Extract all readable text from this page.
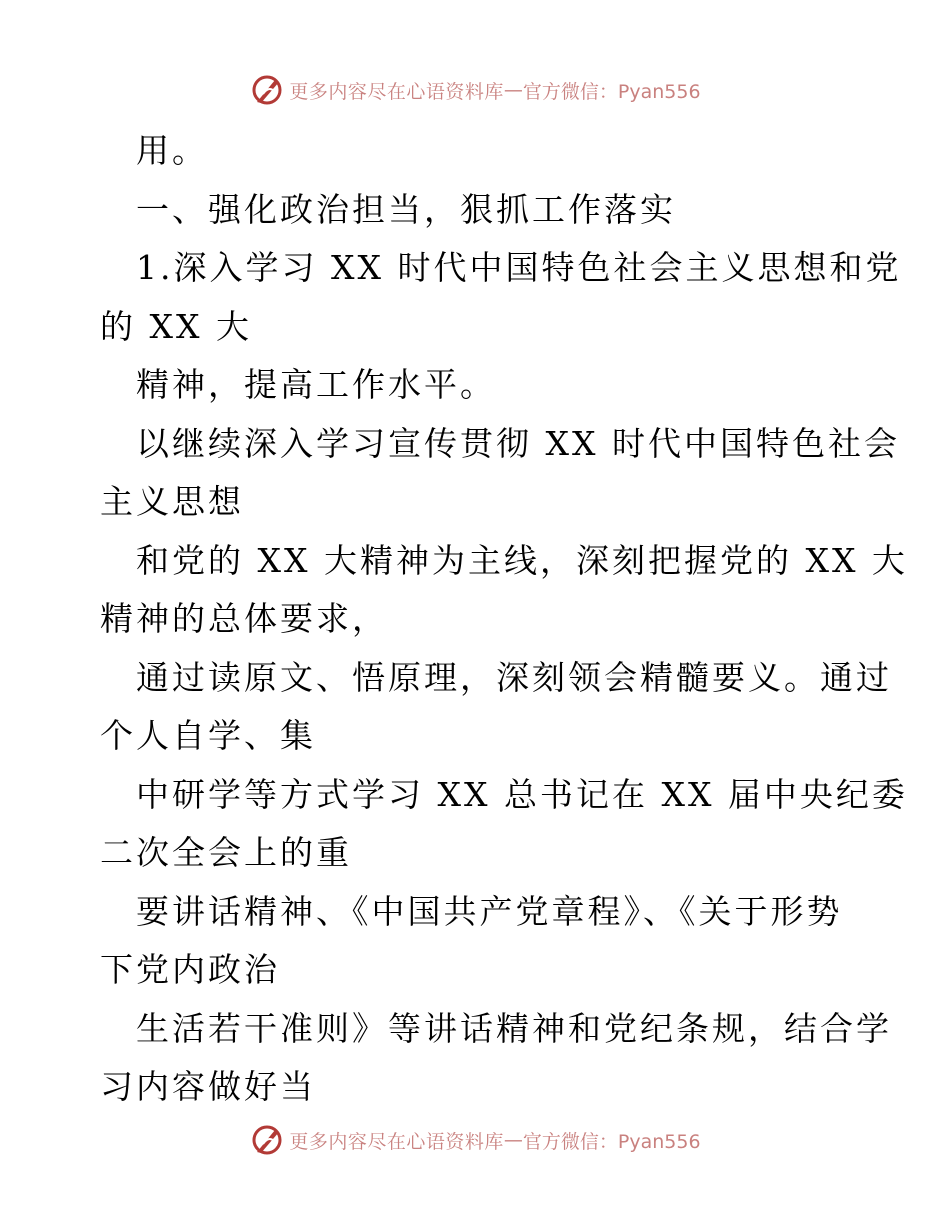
更多内容尽在心语资料库 — 官方微信：Pyan556
用。
一、强化政治担当，狠抓工作落实
1.深入学习 XX 时代中国特色社会主义思想和党
的 XX 大
精神，提高工作水平。
以继续深入学习宣传贯彻 XX 时代中国特色社会
主义思想
和党的 XX 大精神为主线，深刻把握党的 XX 大
精神的总体要求，
通过读原文、悟原理，深刻领会精髓要义。通过
个人自学、集
中研学等方式学习 XX 总书记在 XX 届中央纪委
二次全会上的重
要讲话精神、《中国共产党章程》、《关于形势
下党内政治
生活若干准则》等讲话精神和党纪条规，结合学
习内容做好当
更多内容尽在心语资料库 — 官方微信：Pyan556
